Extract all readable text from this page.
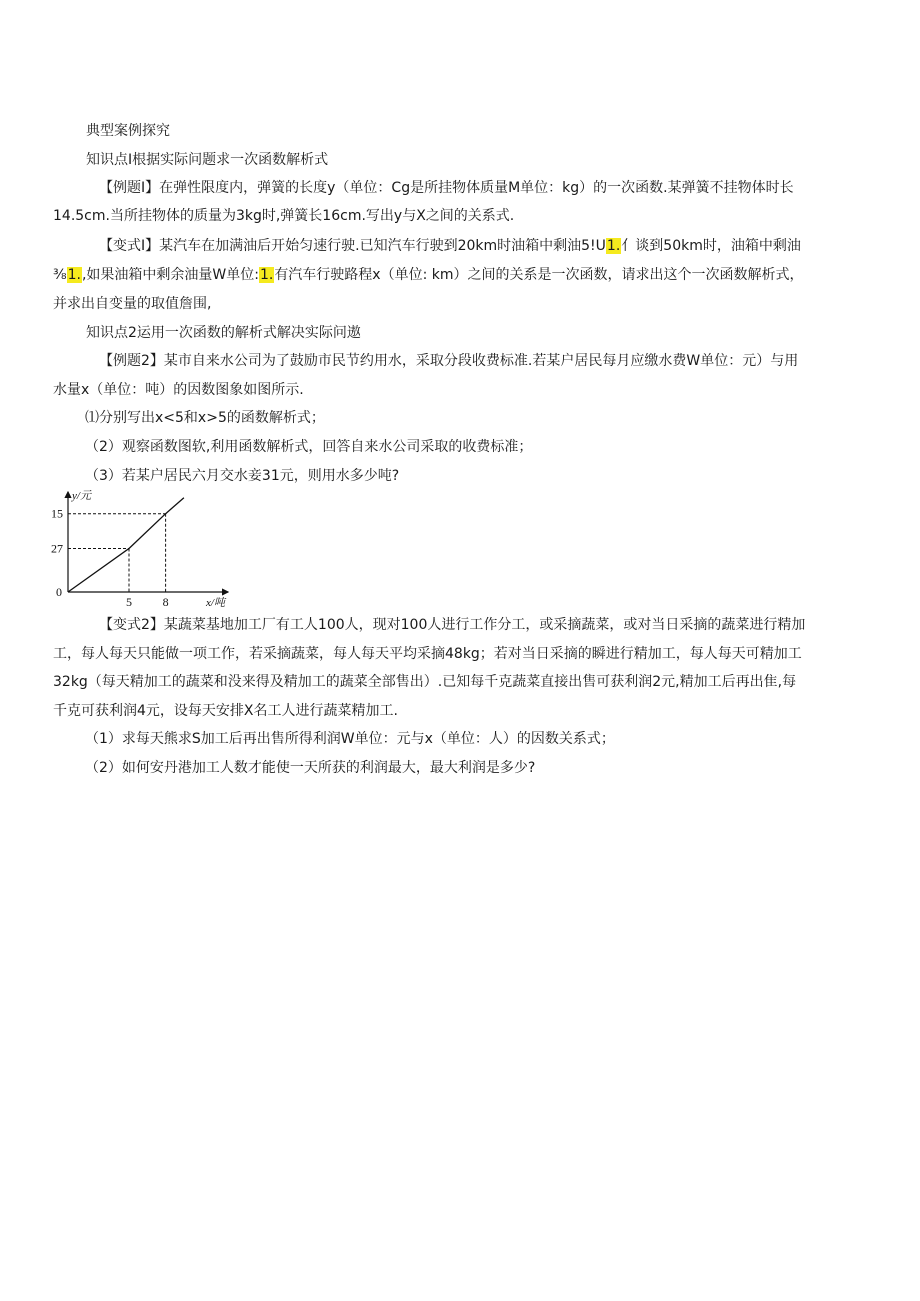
典型案例探究
知识点Ⅰ根据实际问题求一次函数解析式
【例题Ⅰ】在弹性限度内，弹簧的长度y（单位：Cg是所挂物体质量M单位：kg）的一次函数.某弹簧不挂物体时长
14.5cm.当所挂物体的质量为3kg时,弹簧长16cm.写出y与X之间的关系式.
【变式Ⅰ】某汽车在加满油后开始匀速行驶.已知汽车行驶到20km时油箱中剩油5!U1.亻谈到50km时，油箱中剩油
⅜1.,如果油箱中剩余油量W单位:1.有汽车行驶路程x（单位: km）之间的关系是一次函数，请求出这个一次函数解析式，
并求出自变量的取值詹围,
知识点2运用一次函数的解析式解决实际问遨
【例题2】某市自来水公司为了鼓励市民节约用水，采取分段收费标准.若某户居民每月应缴水费W单位：元）与用
水量x（单位：吨）的因数图象如图所示.
⑴分别写出x<5和x>5的函数解析式；
（2）观察函数图软,利用函数解析式，回答自来水公司采取的收费标准；
（3）若某户居民六月交水妾31元，则用水多少吨?
y/元
x/吨
0
27
5
15
8
【变式2】某蔬菜基地加工厂有工人100人，现对100人进行工作分工，或采摘蔬菜，或对当日采摘的蔬菜进行精加
工，每人每天只能做一项工作，若采摘蔬菜，每人每天平均采摘48kg；若对当日采摘的瞬进行精加工，每人每天可精加工
32kg（每天精加工的蔬菜和没来得及精加工的蔬菜全部售出）.已知每千克蔬菜直接出售可获利润2元,精加工后再出隹,每
千克可获利润4元，设每天安排X名工人进行蔬菜精加工.
（1）求每天熊求S加工后再出售所得利润W单位：元与x（单位：人）的因数关系式；
（2）如何安丹港加工人数才能使一天所获的利润最大，最大利润是多少?
